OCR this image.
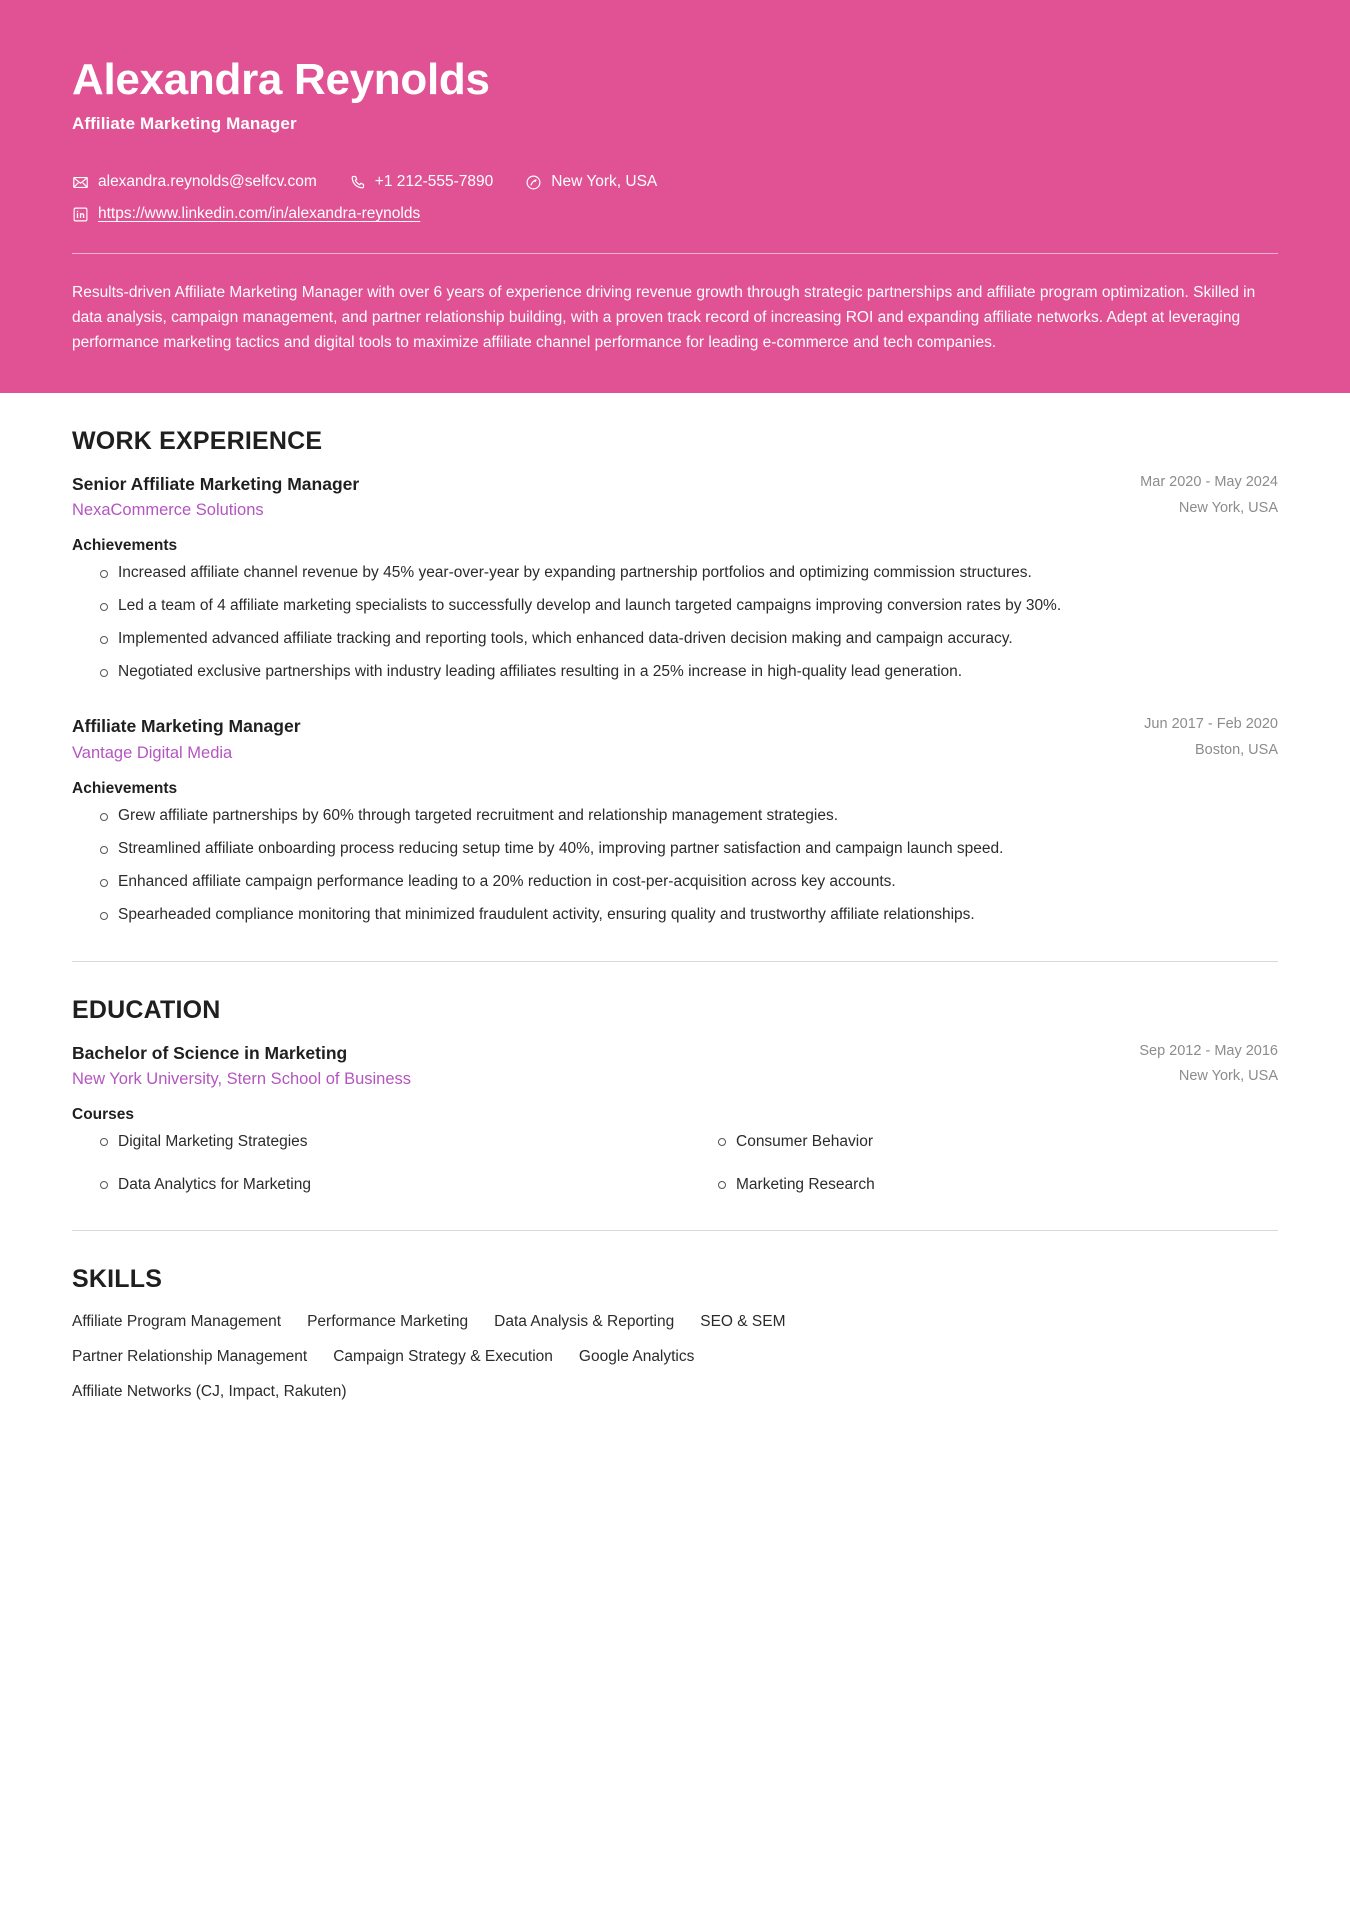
Alexandra Reynolds
Affiliate Marketing Manager
alexandra.reynolds@selfcv.com	+1 212-555-7890	New York, USA
https://www.linkedin.com/in/alexandra-reynolds

Results-driven Affiliate Marketing Manager with over 6 years of experience driving revenue growth through strategic partnerships and affiliate program optimization. Skilled in data analysis, campaign management, and partner relationship building, with a proven track record of increasing ROI and expanding affiliate networks. Adept at leveraging performance marketing tactics and digital tools to maximize affiliate channel performance for leading e-commerce and tech companies.

WORK EXPERIENCE
Senior Affiliate Marketing Manager
NexaCommerce Solutions
Mar 2020 - May 2024
New York, USA
Achievements
Increased affiliate channel revenue by 45% year-over-year by expanding partnership portfolios and optimizing commission structures.
Led a team of 4 affiliate marketing specialists to successfully develop and launch targeted campaigns improving conversion rates by 30%.
Implemented advanced affiliate tracking and reporting tools, which enhanced data-driven decision making and campaign accuracy.
Negotiated exclusive partnerships with industry leading affiliates resulting in a 25% increase in high-quality lead generation.
Affiliate Marketing Manager
Vantage Digital Media
Jun 2017 - Feb 2020
Boston, USA
Achievements
Grew affiliate partnerships by 60% through targeted recruitment and relationship management strategies.
Streamlined affiliate onboarding process reducing setup time by 40%, improving partner satisfaction and campaign launch speed.
Enhanced affiliate campaign performance leading to a 20% reduction in cost-per-acquisition across key accounts.
Spearheaded compliance monitoring that minimized fraudulent activity, ensuring quality and trustworthy affiliate relationships.
EDUCATION
Bachelor of Science in Marketing
New York University, Stern School of Business
Sep 2012 - May 2016
New York, USA
Courses
Digital Marketing Strategies	Consumer Behavior
Data Analytics for Marketing	Marketing Research
SKILLS
Affiliate Program Management Performance Marketing Data Analysis & Reporting SEO & SEM
Partner Relationship Management Campaign Strategy & Execution Google Analytics
Affiliate Networks (CJ, Impact, Rakuten)
